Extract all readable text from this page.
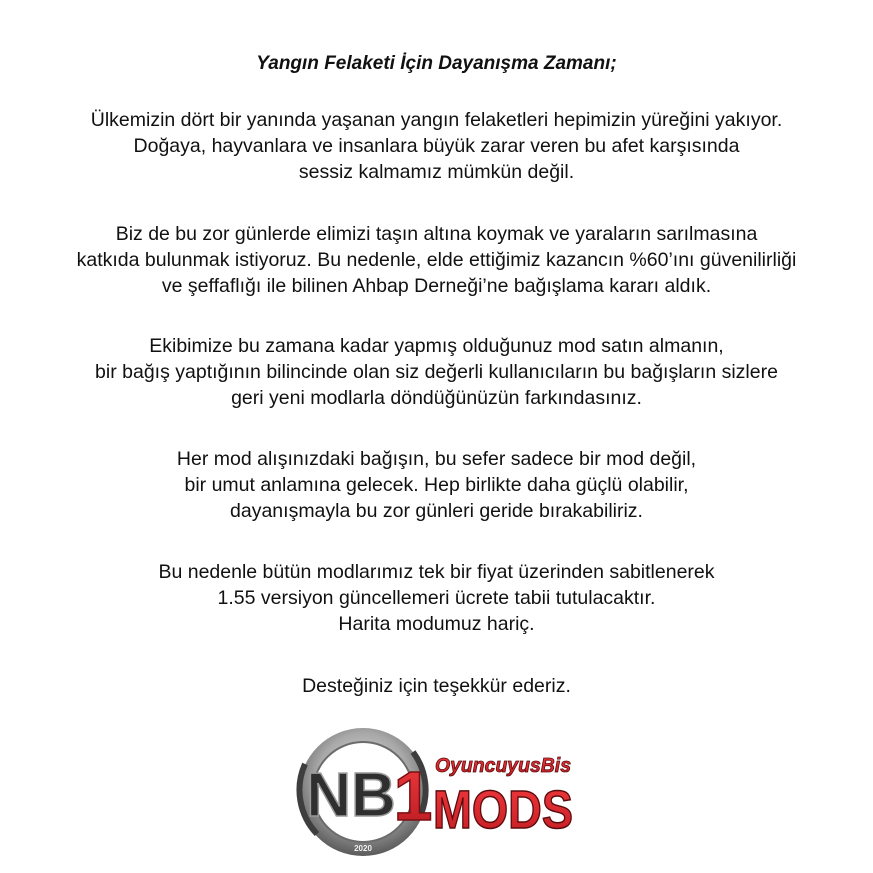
Yangın Felaketi İçin Dayanışma Zamanı;

Ülkemizin dört bir yanında yaşanan yangın felaketleri hepimizin yüreğini yakıyor.
Doğaya, hayvanlara ve insanlara büyük zarar veren bu afet karşısında
sessiz kalmamız mümkün değil.

Biz de bu zor günlerde elimizi taşın altına koymak ve yaraların sarılmasına
katkıda bulunmak istiyoruz. Bu nedenle, elde ettiğimiz kazancın %60’ını güvenilirliği
ve şeffaflığı ile bilinen Ahbap Derneği’ne bağışlama kararı aldık.

Ekibimize bu zamana kadar yapmış olduğunuz mod satın almanın,
bir bağış yaptığının bilincinde olan siz değerli kullanıcıların bu bağışların sizlere
geri yeni modlarla döndüğünüzün farkındasınız.

Her mod alışınızdaki bağışın, bu sefer sadece bir mod değil,
bir umut anlamına gelecek. Hep birlikte daha güçlü olabilir,
dayanışmayla bu zor günleri geride bırakabiliriz.

Bu nedenle bütün modlarımız tek bir fiyat üzerinden sabitlenerek
1.55 versiyon güncellemeri ücrete tabii tutulacaktır.
Harita modumuz hariç.

Desteğiniz için teşekkür ederiz.

NB
1
2020
OyuncuyusBis
MODS
